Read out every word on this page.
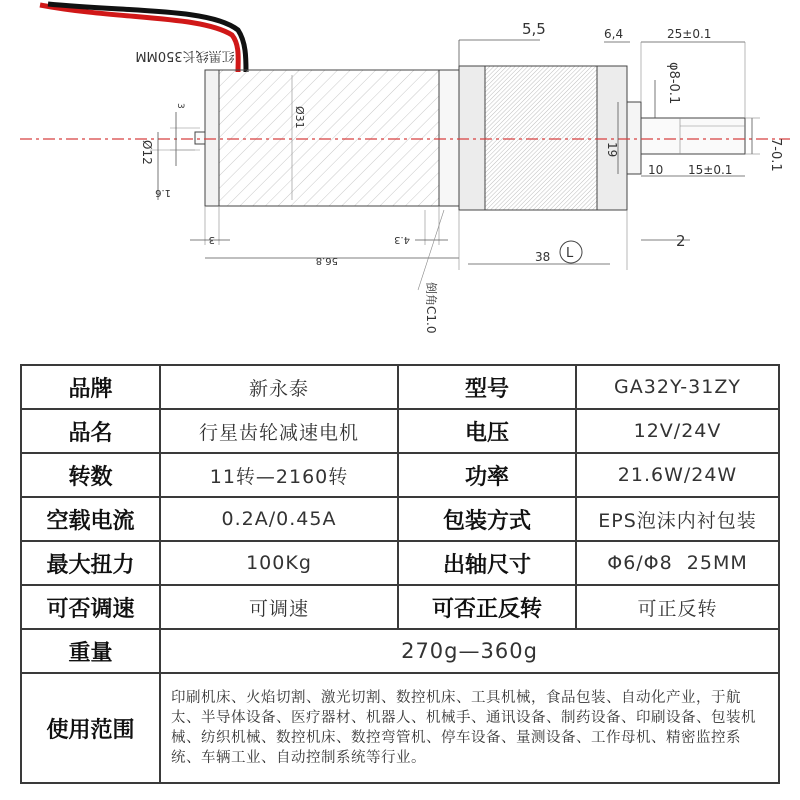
红黑线长350MM
5,5	6,4	25±0.1
φ8-0.1
7-0.1
19
10 15±0.1
38 L
2
Ø31
Ø12
3
1.6
3	4.3
56.8
倒角C1.0
品牌	新永泰	型号	GA32Y-31ZY
品名	行星齿轮减速电机	电压	12V/24V
转数	11转—2160转	功率	21.6W/24W
空载电流	0.2A/0.45A	包装方式	EPS泡沫内衬包装
最大扭力	100Kg	出轴尺寸	Φ6/Φ8  25MM
可否调速	可调速	可否正反转	可正反转
重量	270g—360g		
使用范围	印刷机床、火焰切割、激光切割、数控机床、工具机械，食品包装、自动化产业，于航太、半导体设备、医疗器材、机器人、机械手、通讯设备、制药设备、印刷设备、包装机械、纺织机械、数控机床、数控弯管机、停车设备、量测设备、工作母机、精密监控系统、车辆工业、自动控制系统等行业。		
